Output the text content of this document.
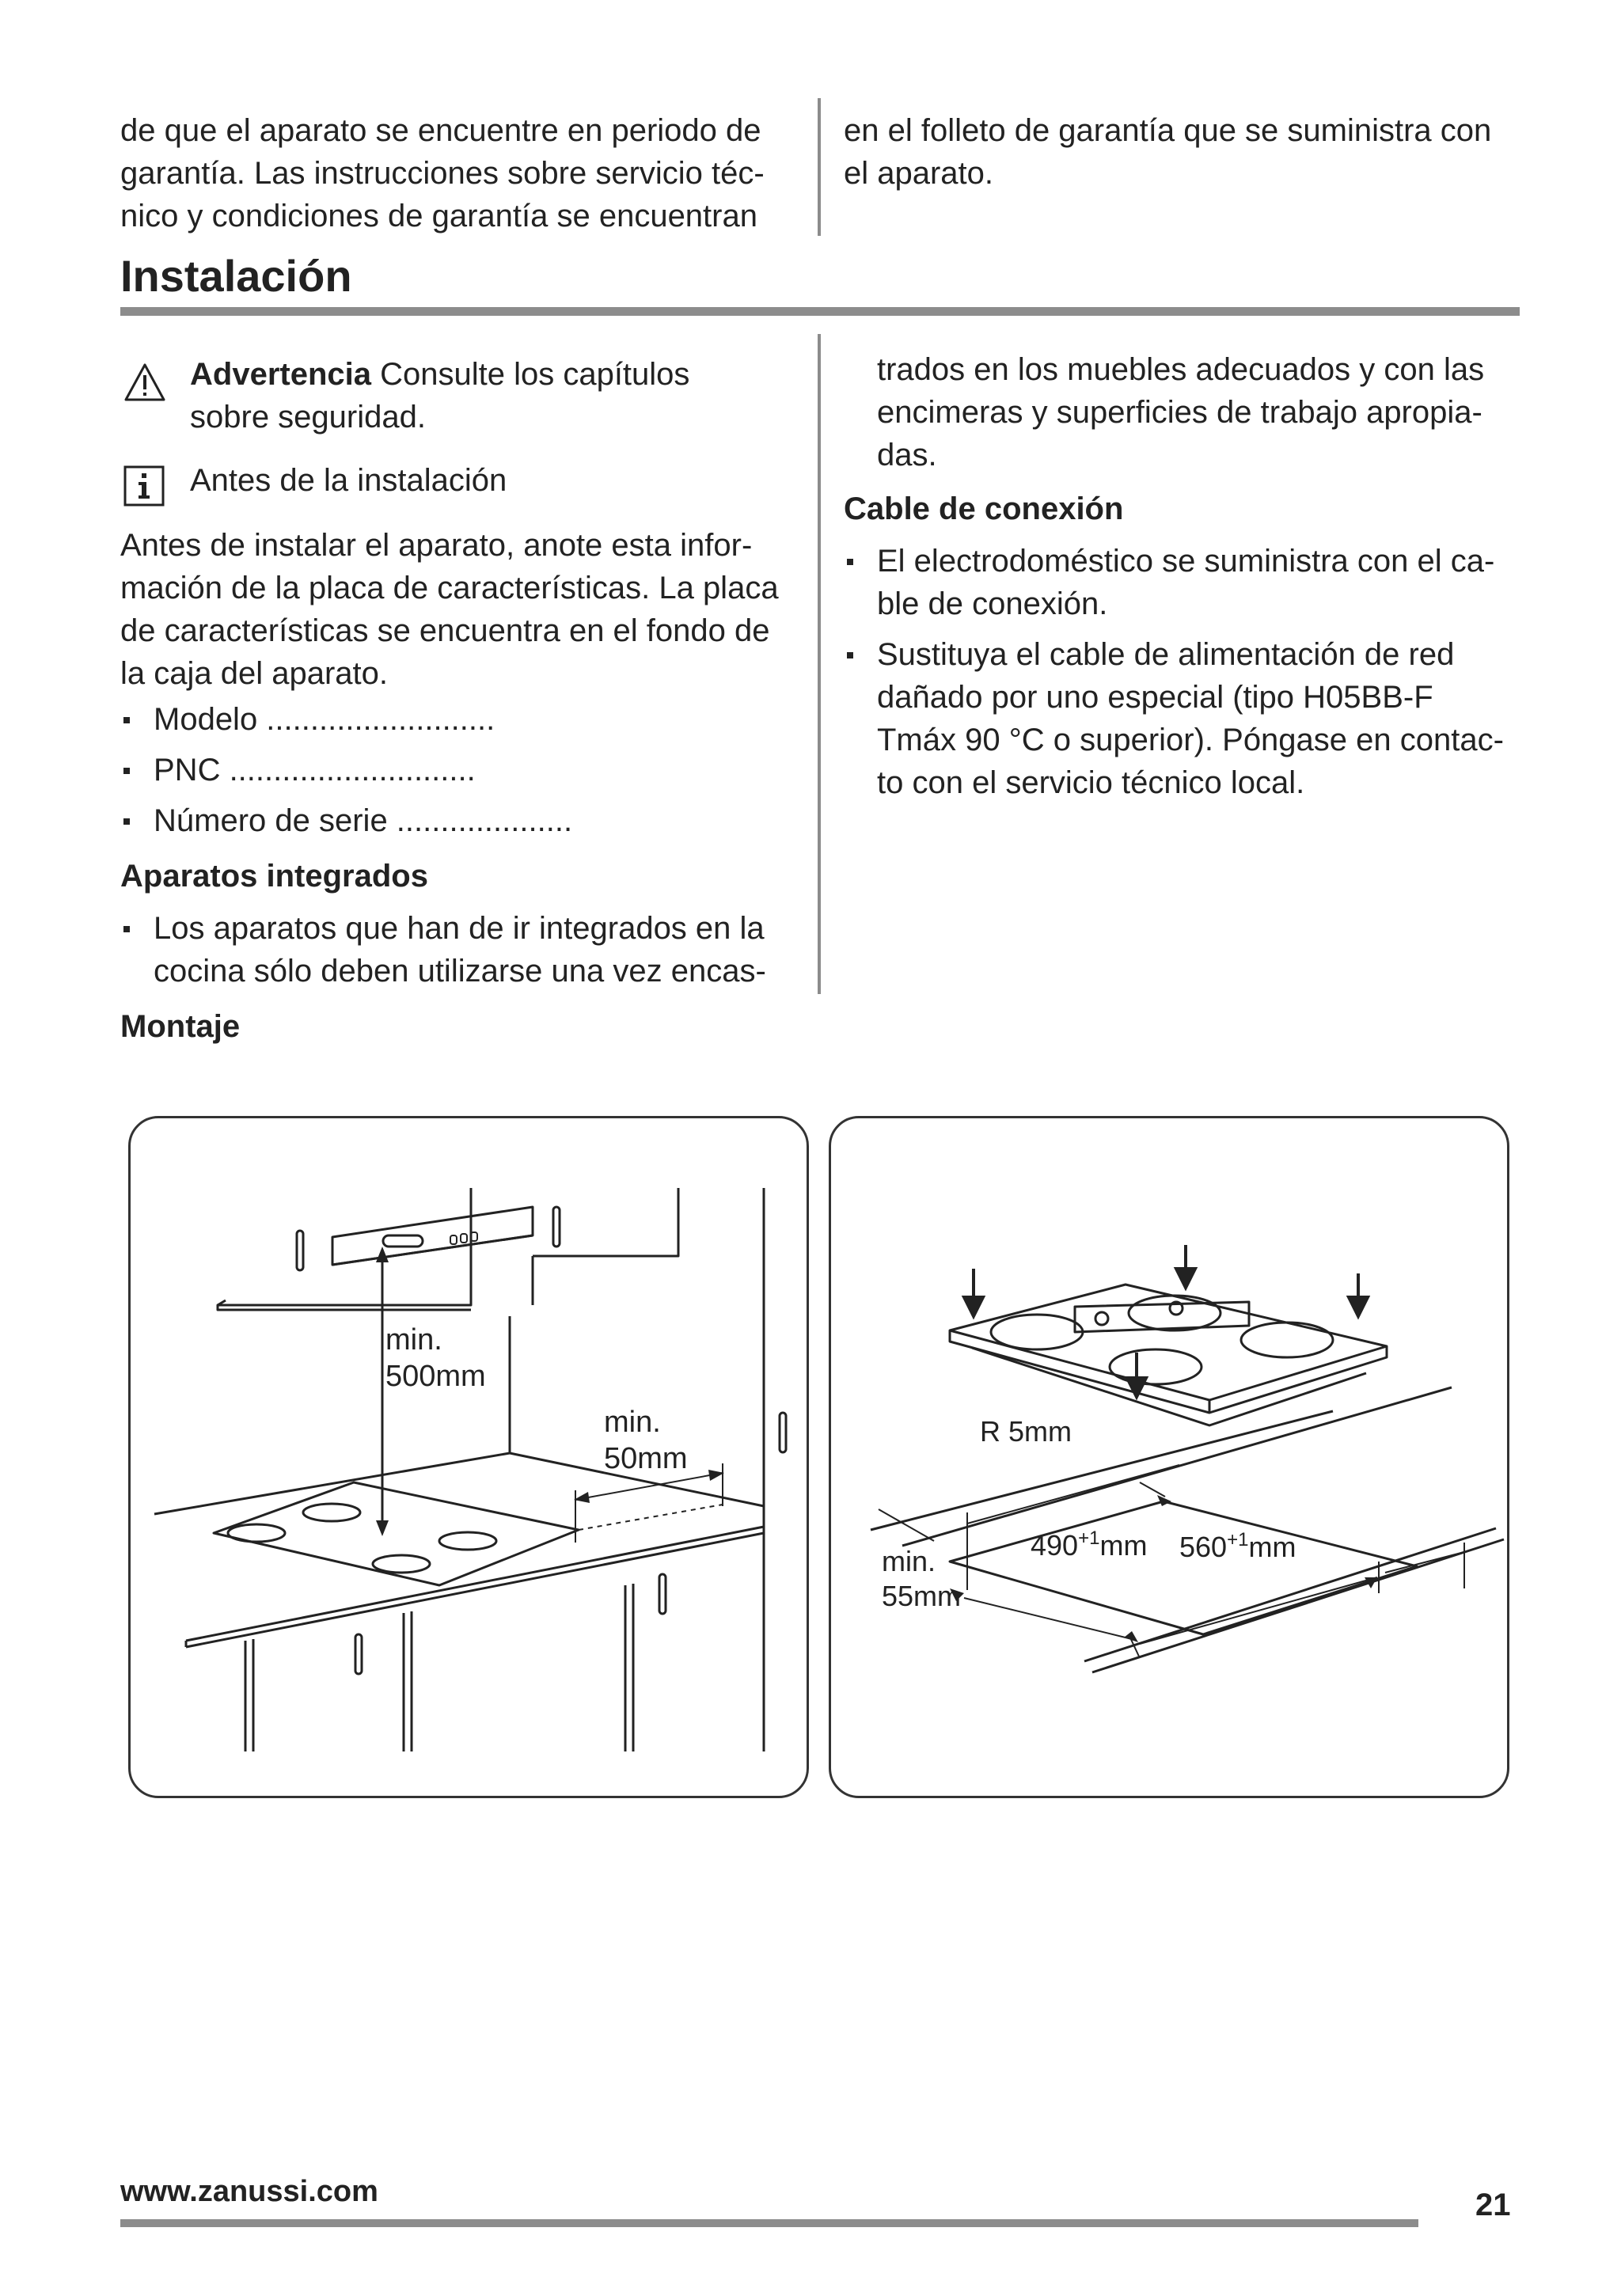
de que el aparato se encuentre en periodo de

garantía. Las instrucciones sobre servicio téc-

nico y condiciones de garantía se encuentran

en el folleto de garantía que se suministra con

el aparato.

Instalación

Advertencia Consulte los capítulos

sobre seguridad.

Antes de la instalación

Antes de instalar el aparato, anote esta infor-

mación de la placa de características. La placa

de características se encuentra en el fondo de

la caja del aparato.

Modelo ..........................

PNC ............................

Número de serie ....................

Aparatos integrados

Los aparatos que han de ir integrados en la

cocina sólo deben utilizarse una vez encas-

Montaje

trados en los muebles adecuados y con las

encimeras y superficies de trabajo apropia-

das.

Cable de conexión

El electrodoméstico se suministra con el ca-

ble de conexión.

Sustituya el cable de alimentación de red

dañado por uno especial (tipo H05BB-F

Tmáx 90 °C o superior). Póngase en contac-

to con el servicio técnico local.

min.
500mm
min.
50mm
R 5mm
$490^{+1}mm$ $560^{+1}mm$
min.
55mm
www.zanussi.com	21
